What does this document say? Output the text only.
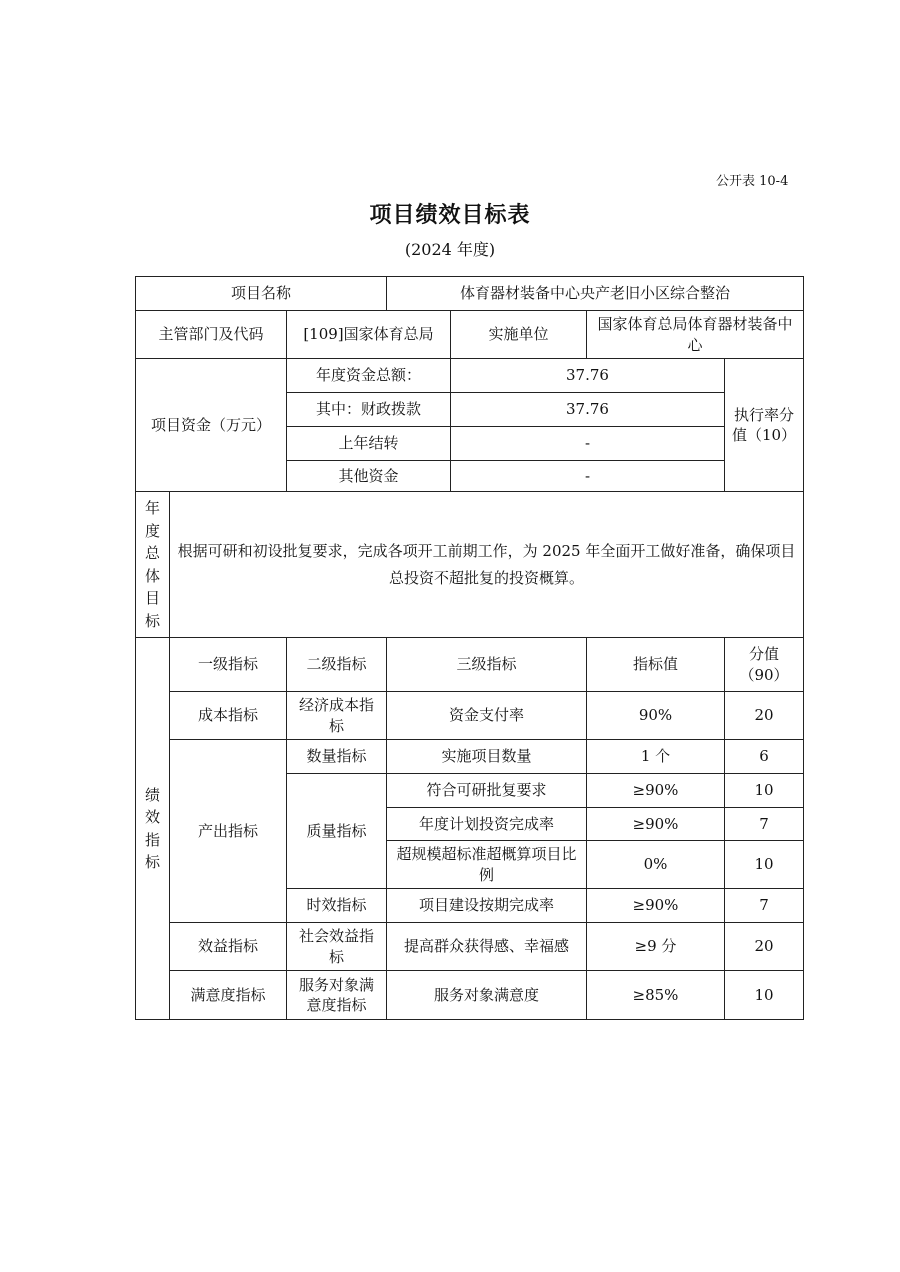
公开表 10-4
项目绩效目标表
(2024 年度)
项目名称			体育器材装备中心央产老旧小区综合整治			
主管部门及代码		[109]国家体育总局		实施单位	国家体育总局体育器材装备中心	
项目资金（万元）		年度资金总额：		37.76		执行率分值（10）
		其中：财政拨款		37.76		
		上年结转		-		
		其他资金		-		
年度总体目标	根据可研和初设批复要求，完成各项开工前期工作，为 2025 年全面开工做好准备，确保项目总投资不超批复的投资概算。					
绩效指标	一级指标	二级指标	三级指标		指标值	分值（90）
	成本指标	经济成本指标	资金支付率		90%	20
	产出指标	数量指标	实施项目数量		1 个	6
		质量指标	符合可研批复要求		≥90%	10
			年度计划投资完成率		≥90%	7
			超规模超标准超概算项目比例		0%	10
		时效指标	项目建设按期完成率		≥90%	7
	效益指标	社会效益指标	提高群众获得感、幸福感		≥9 分	20
	满意度指标	服务对象满意度指标	服务对象满意度		≥85%	10
